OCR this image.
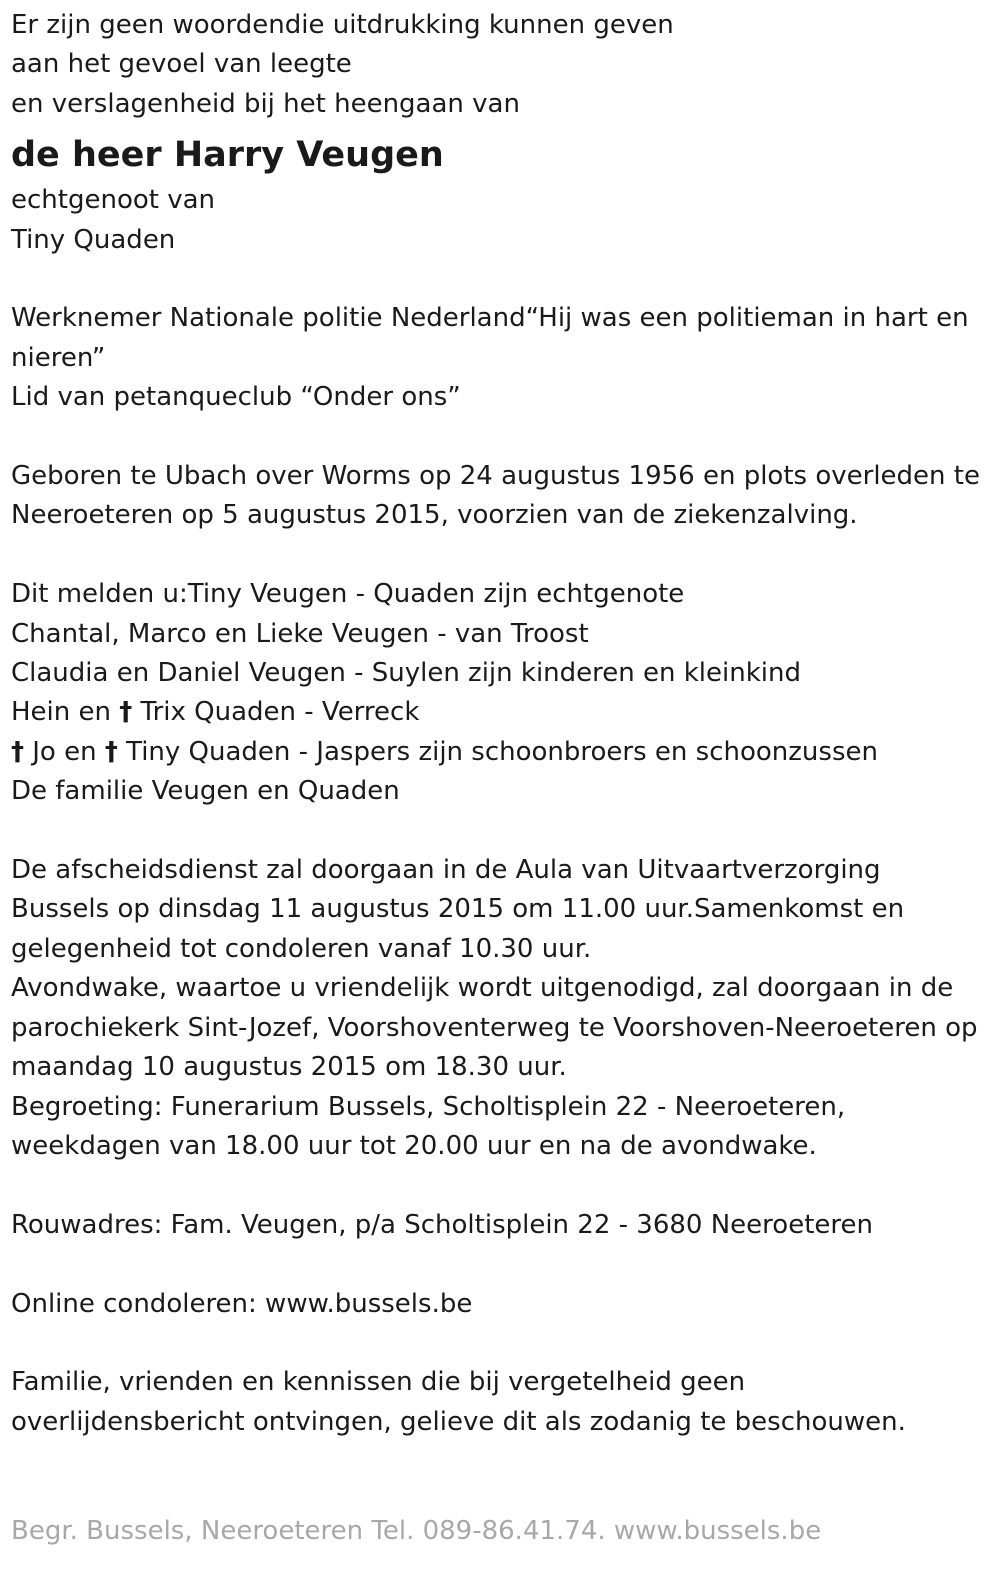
Er zijn geen woordendie uitdrukking kunnen geven
aan het gevoel van leegte
en verslagenheid bij het heengaan van
de heer Harry Veugen
echtgenoot van
Tiny Quaden
Werknemer Nationale politie Nederland“Hij was een politieman in hart en nieren”
Lid van petanqueclub “Onder ons”
Geboren te Ubach over Worms op 24 augustus 1956 en plots overleden te Neeroeteren op 5 augustus 2015, voorzien van de ziekenzalving.
Dit melden u:Tiny Veugen - Quaden zijn echtgenote
Chantal, Marco en Lieke Veugen - van Troost
Claudia en Daniel Veugen - Suylen zijn kinderen en kleinkind
Hein en † Trix Quaden - Verreck
† Jo en † Tiny Quaden - Jaspers zijn schoonbroers en schoonzussen
De familie Veugen en Quaden
De afscheidsdienst zal doorgaan in de Aula van Uitvaartverzorging Bussels op dinsdag 11 augustus 2015 om 11.00 uur.Samenkomst en gelegenheid tot condoleren vanaf 10.30 uur.
Avondwake, waartoe u vriendelijk wordt uitgenodigd, zal doorgaan in de parochiekerk Sint-Jozef, Voorshoventerweg te Voorshoven-Neeroeteren op maandag 10 augustus 2015 om 18.30 uur.
Begroeting: Funerarium Bussels, Scholtisplein 22 - Neeroeteren, weekdagen van 18.00 uur tot 20.00 uur en na de avondwake.
Rouwadres: Fam. Veugen, p/a Scholtisplein 22 - 3680 Neeroeteren
Online condoleren: www.bussels.be
Familie, vrienden en kennissen die bij vergetelheid geen overlijdensbericht ontvingen, gelieve dit als zodanig te beschouwen.
Begr. Bussels, Neeroeteren Tel. 089-86.41.74. www.bussels.be
